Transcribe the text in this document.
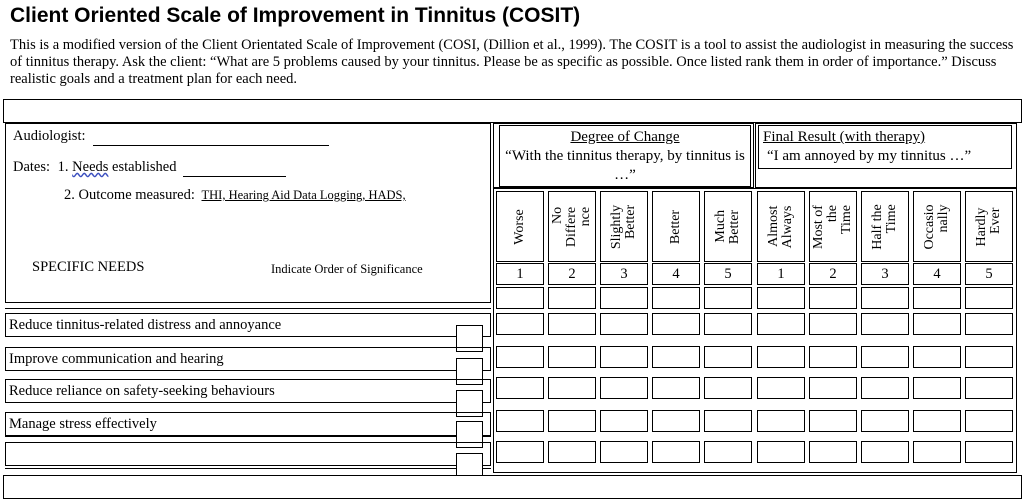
Client Oriented Scale of Improvement in Tinnitus (COSIT)
This is a modified version of the Client Orientated Scale of Improvement (COSI, (Dillion et al., 1999). The COSIT is a tool to assist the audiologist in measuring the success of tinnitus therapy. Ask the client: “What are 5 problems caused by your tinnitus. Please be as specific as possible. Once listed rank them in order of importance.” Discuss realistic goals and a treatment plan for each need.
Audiologist:
Dates: 1. Needs established
2. Outcome measured: THI, Hearing Aid Data Logging, HADS,
SPECIFIC NEEDS	Indicate Order of Significance
Degree of Change
“With the tinnitus therapy, by tinnitus is …”
Final Result (with therapy)
“I am annoyed by my tinnitus …”
Worse
1
No
Differe
nce
2
Slightly
Better
3
Better
4
Much
Better
5
Almost
Always
1
Most of
the
Time
2
Half the
Time
3
Occasio
nally
4
Hardly
Ever
5
Reduce tinnitus-related distress and annoyance
Improve communication and hearing
Reduce reliance on safety-seeking behaviours
Manage stress effectively
